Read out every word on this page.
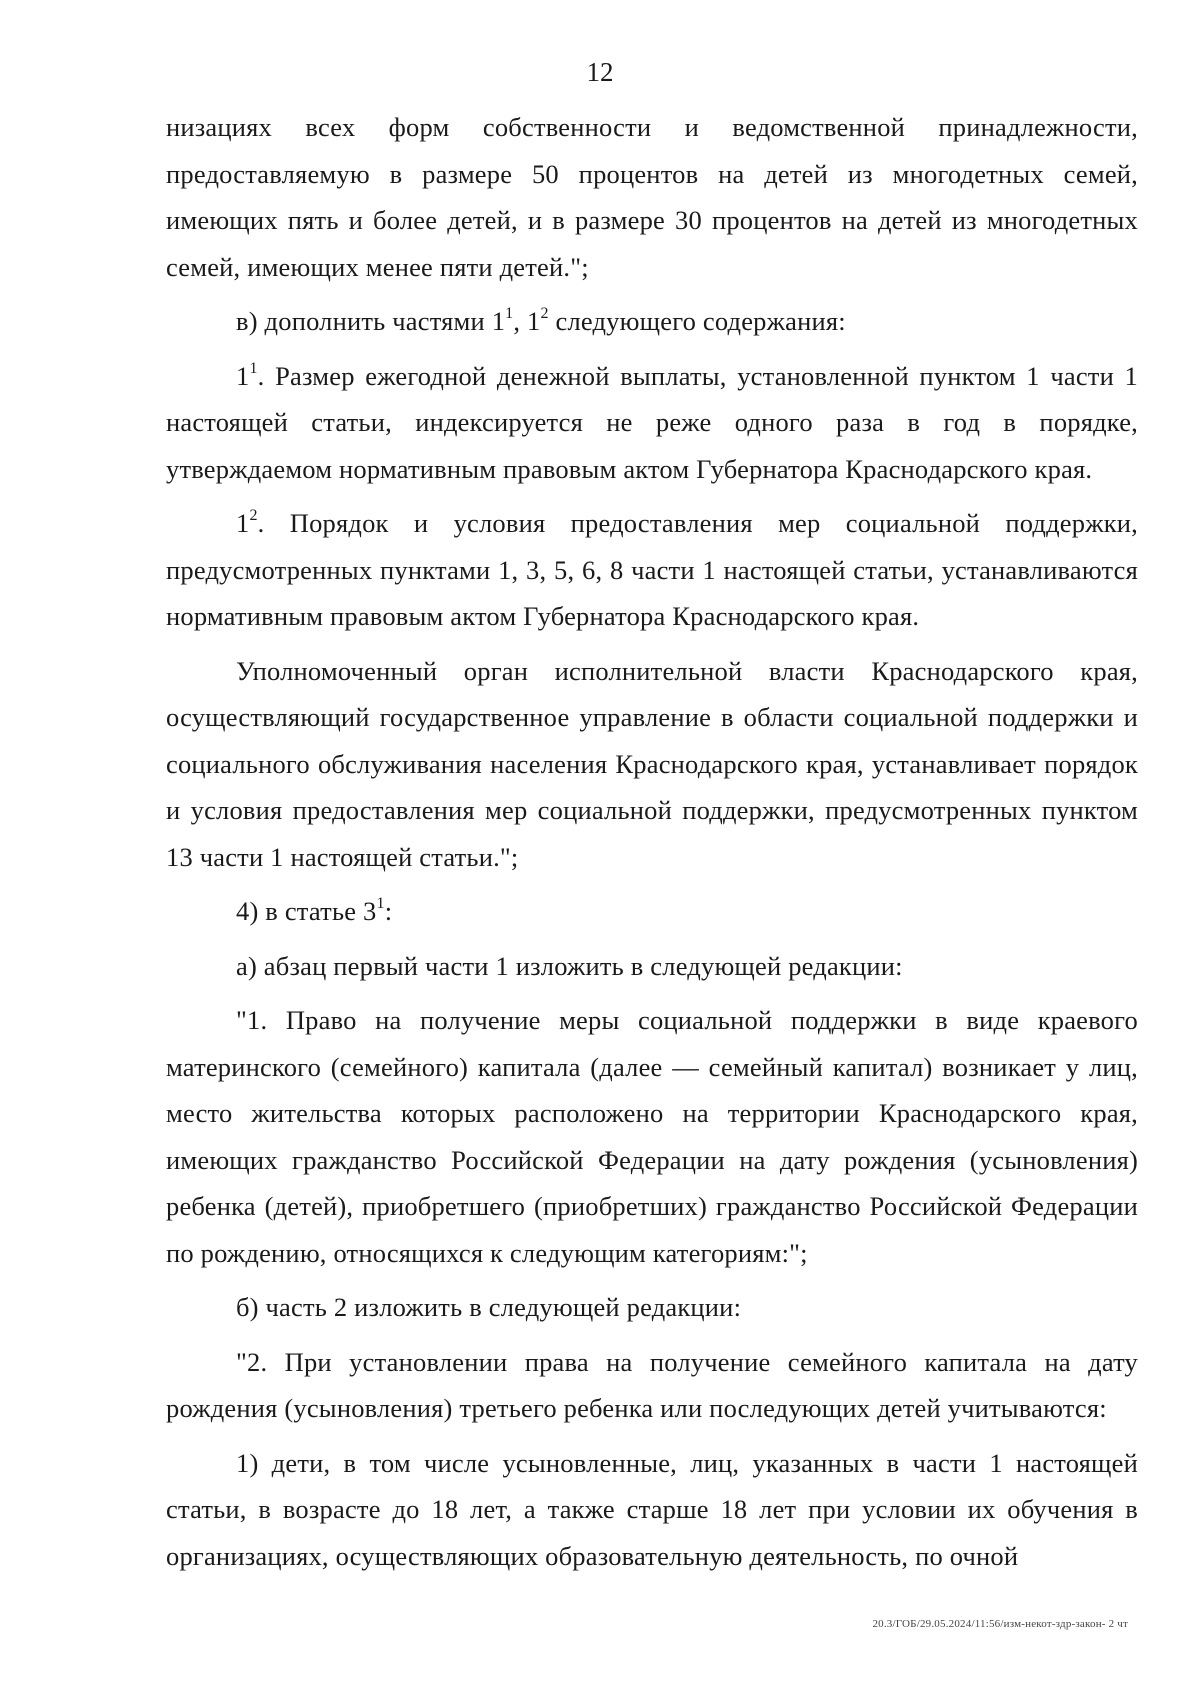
12

низациях всех форм собственности и ведомственной принадлежности, предоставляемую в размере 50 процентов на детей из многодетных семей, имеющих пять и более детей, и в размере 30 процентов на детей из многодетных семей, имеющих менее пяти детей.";

в) дополнить частями $1^1$, $1^2$ следующего содержания:

$1^1$. Размер ежегодной денежной выплаты, установленной пунктом 1 части 1 настоящей статьи, индексируется не реже одного раза в год в порядке, утверждаемом нормативным правовым актом Губернатора Краснодарского края.

$1^2$. Порядок и условия предоставления мер социальной поддержки, предусмотренных пунктами 1, 3, 5, 6, 8 части 1 настоящей статьи, устанавливаются нормативным правовым актом Губернатора Краснодарского края.

Уполномоченный орган исполнительной власти Краснодарского края, осуществляющий государственное управление в области социальной поддержки и социального обслуживания населения Краснодарского края, устанавливает порядок и условия предоставления мер социальной поддержки, предусмотренных пунктом 13 части 1 настоящей статьи.";

4) в статье $3^1$:

а) абзац первый части 1 изложить в следующей редакции:

"1. Право на получение меры социальной поддержки в виде краевого материнского (семейного) капитала (далее — семейный капитал) возникает у лиц, место жительства которых расположено на территории Краснодарского края, имеющих гражданство Российской Федерации на дату рождения (усыновления) ребенка (детей), приобретшего (приобретших) гражданство Российской Федерации по рождению, относящихся к следующим категориям:";

б) часть 2 изложить в следующей редакции:

"2. При установлении права на получение семейного капитала на дату рождения (усыновления) третьего ребенка или последующих детей учитываются:

1) дети, в том числе усыновленные, лиц, указанных в части 1 настоящей статьи, в возрасте до 18 лет, а также старше 18 лет при условии их обучения в организациях, осуществляющих образовательную деятельность, по очной

20.3/ГОБ/29.05.2024/11:56/изм-некот-здр-закон- 2 чт
